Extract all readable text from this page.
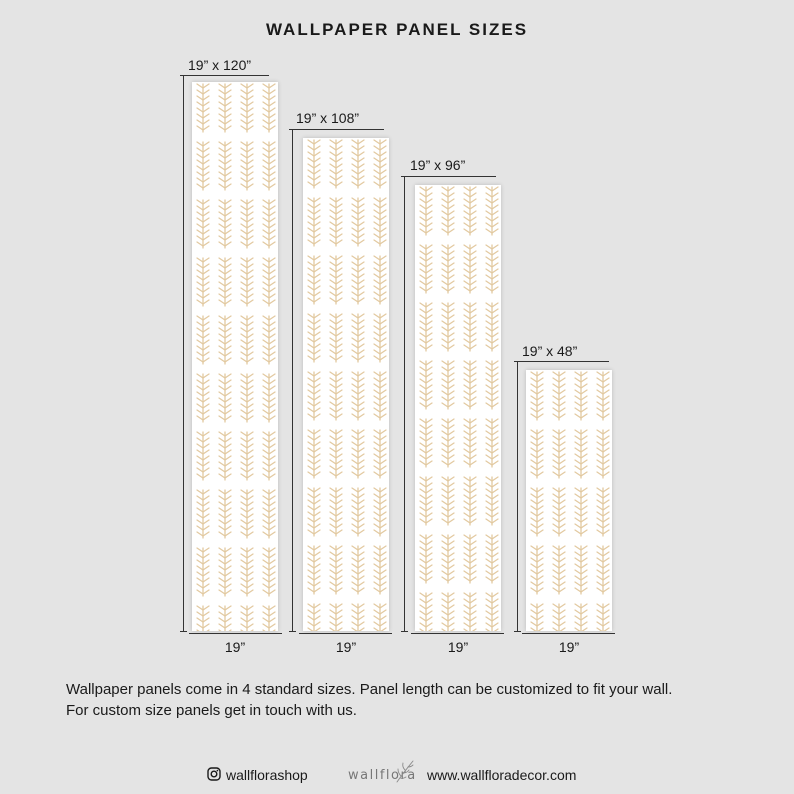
WALLPAPER PANEL SIZES
19” x 120”
19”
19” x 108”
19”
19” x 96”
19”
19” x 48”
19”
Wallpaper panels come in 4 standard sizes. Panel length can be customized to fit your wall.
For custom size panels get in touch with us.
wallflorashop	wallflora www.wallfloradecor.com
